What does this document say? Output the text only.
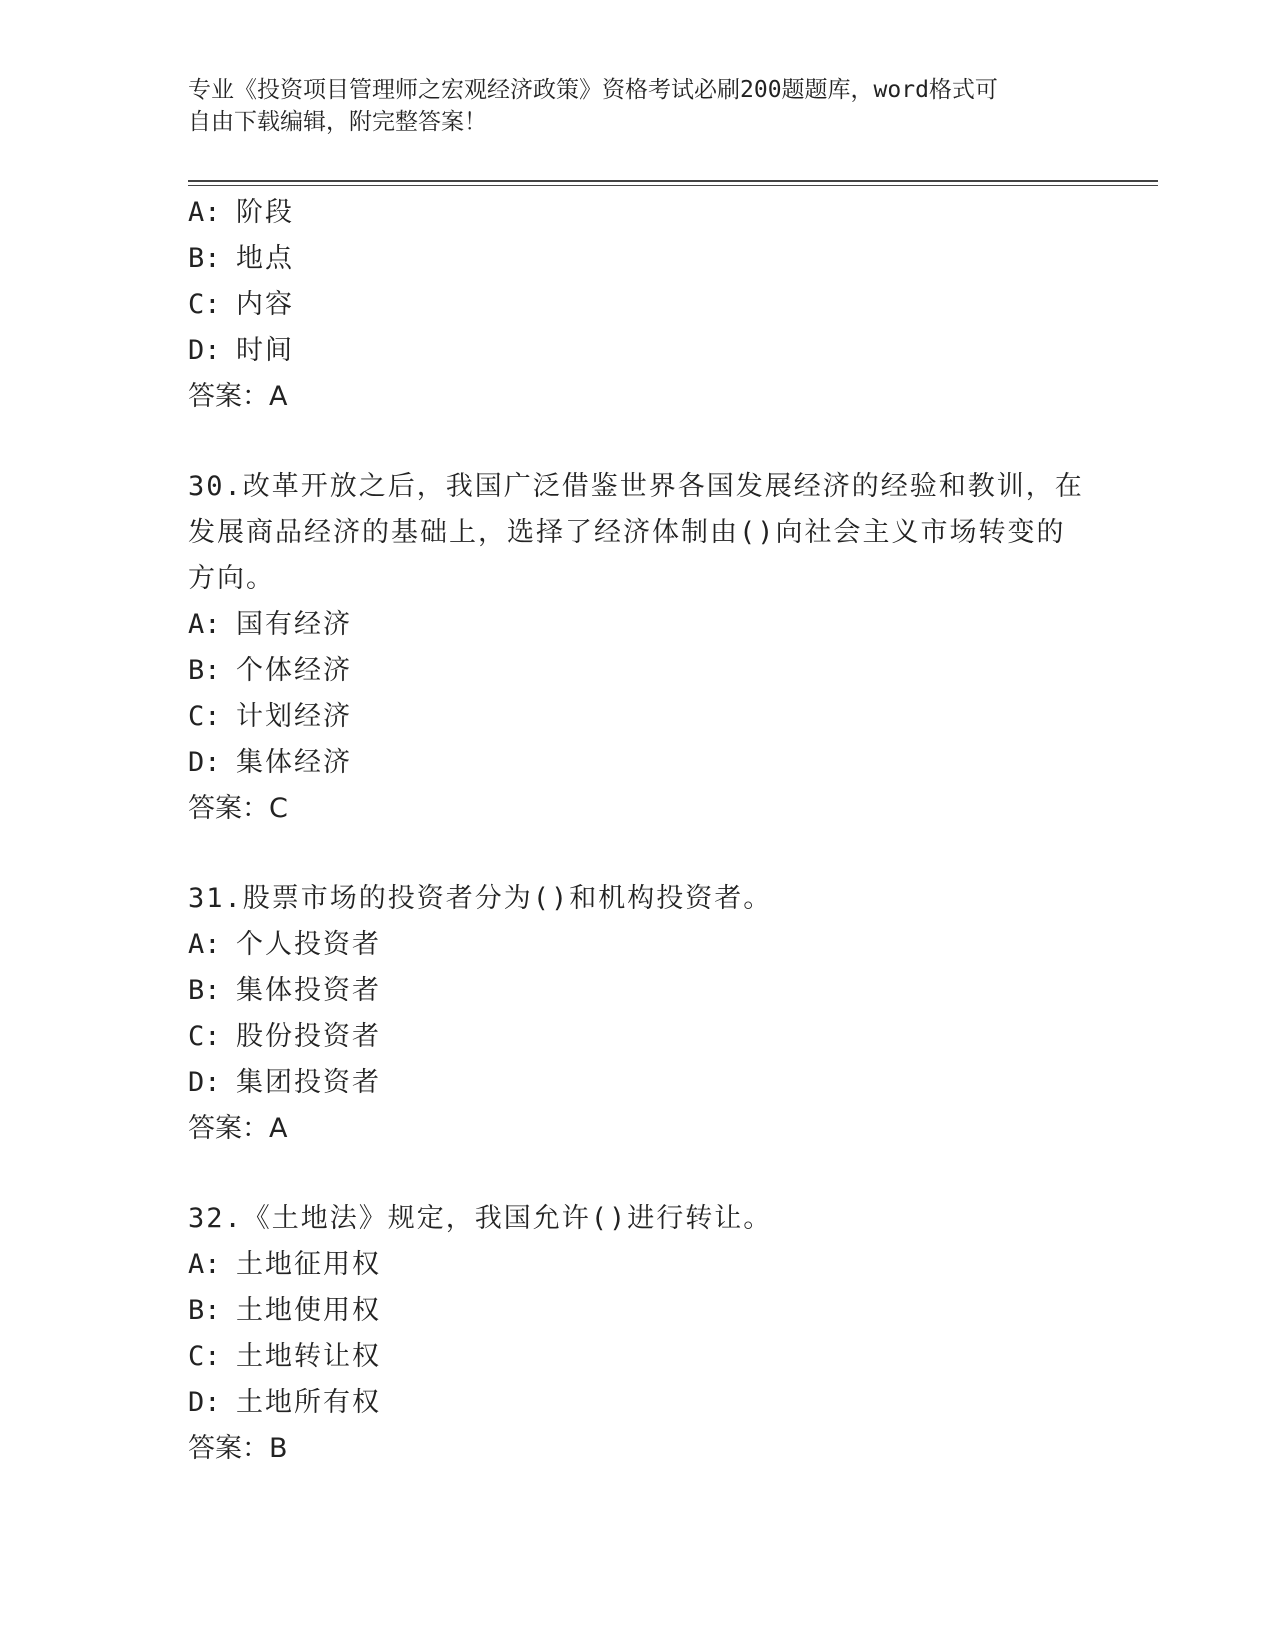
专业《投资项目管理师之宏观经济政策》资格考试必刷200题题库，word格式可
自由下载编辑，附完整答案！
A: 阶段
B: 地点
C: 内容
D: 时间
答案：A
30.改革开放之后，我国广泛借鉴世界各国发展经济的经验和教训，在
发展商品经济的基础上，选择了经济体制由()向社会主义市场转变的
方向。
A: 国有经济
B: 个体经济
C: 计划经济
D: 集体经济
答案：C
31.股票市场的投资者分为()和机构投资者。
A: 个人投资者
B: 集体投资者
C: 股份投资者
D: 集团投资者
答案：A
32.《土地法》规定，我国允许()进行转让。
A: 土地征用权
B: 土地使用权
C: 土地转让权
D: 土地所有权
答案：B
